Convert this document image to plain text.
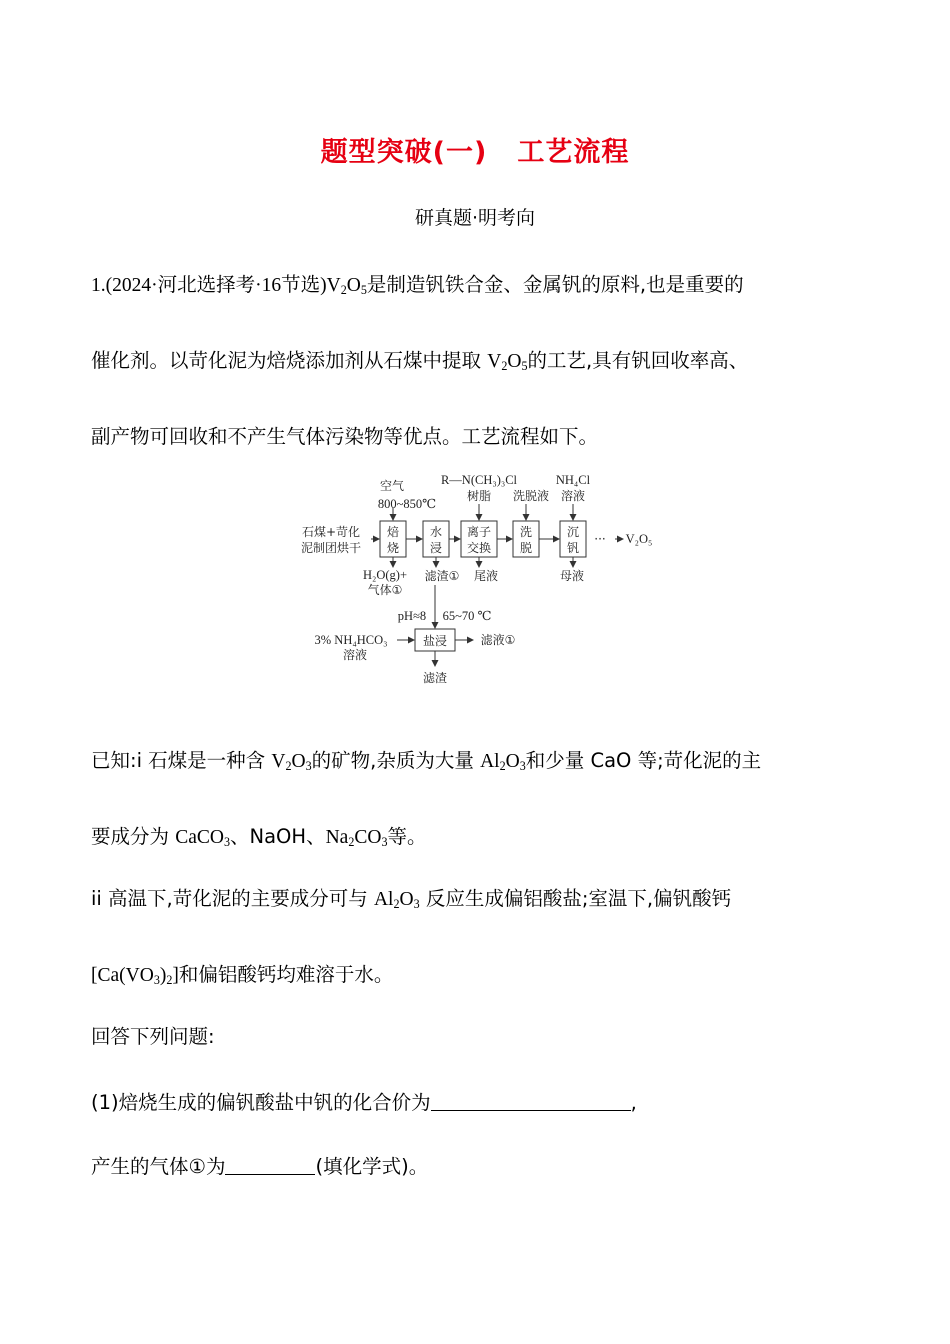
题型突破(一) 工艺流程
研真题·明考向
1.(2024·河北选择考·16节选)$V_2O_5$是制造钒铁合金、金属钒的原料,也是重要的
催化剂。以苛化泥为焙烧添加剂从石煤中提取 $V_2O_5$的工艺,具有钒回收率高、
副产物可回收和不产生气体污染物等优点。工艺流程如下。
焙
烧
水
浸
离子
交换
洗
脱
沉
钒
盐浸
石煤+苛化
泥制团烘干
空气
800~850℃
R—N(CH₃)₃Cl
树脂 洗脱液
NH₄Cl
溶液
··· V₂O₅
H₂O(g)+
气体①
滤渣① 尾液	母液
pH≈8 65~70 ℃
3% NH₄HCO₃
溶液
滤液①
滤渣
已知:i 石煤是一种含 $V_2O_3$的矿物,杂质为大量 $Al_2O_3$和少量 CaO 等;苛化泥的主
要成分为 CaCO$_3$、NaOH、$Na_2CO_3$等。
ii 高温下,苛化泥的主要成分可与 $Al_2O_3$ 反应生成偏铝酸盐;室温下,偏钒酸钙
$[Ca(VO_3)_2]$和偏铝酸钙均难溶于水。
回答下列问题:
(1)焙烧生成的偏钒酸盐中钒的化合价为	,
产生的气体①为	(填化学式)。
